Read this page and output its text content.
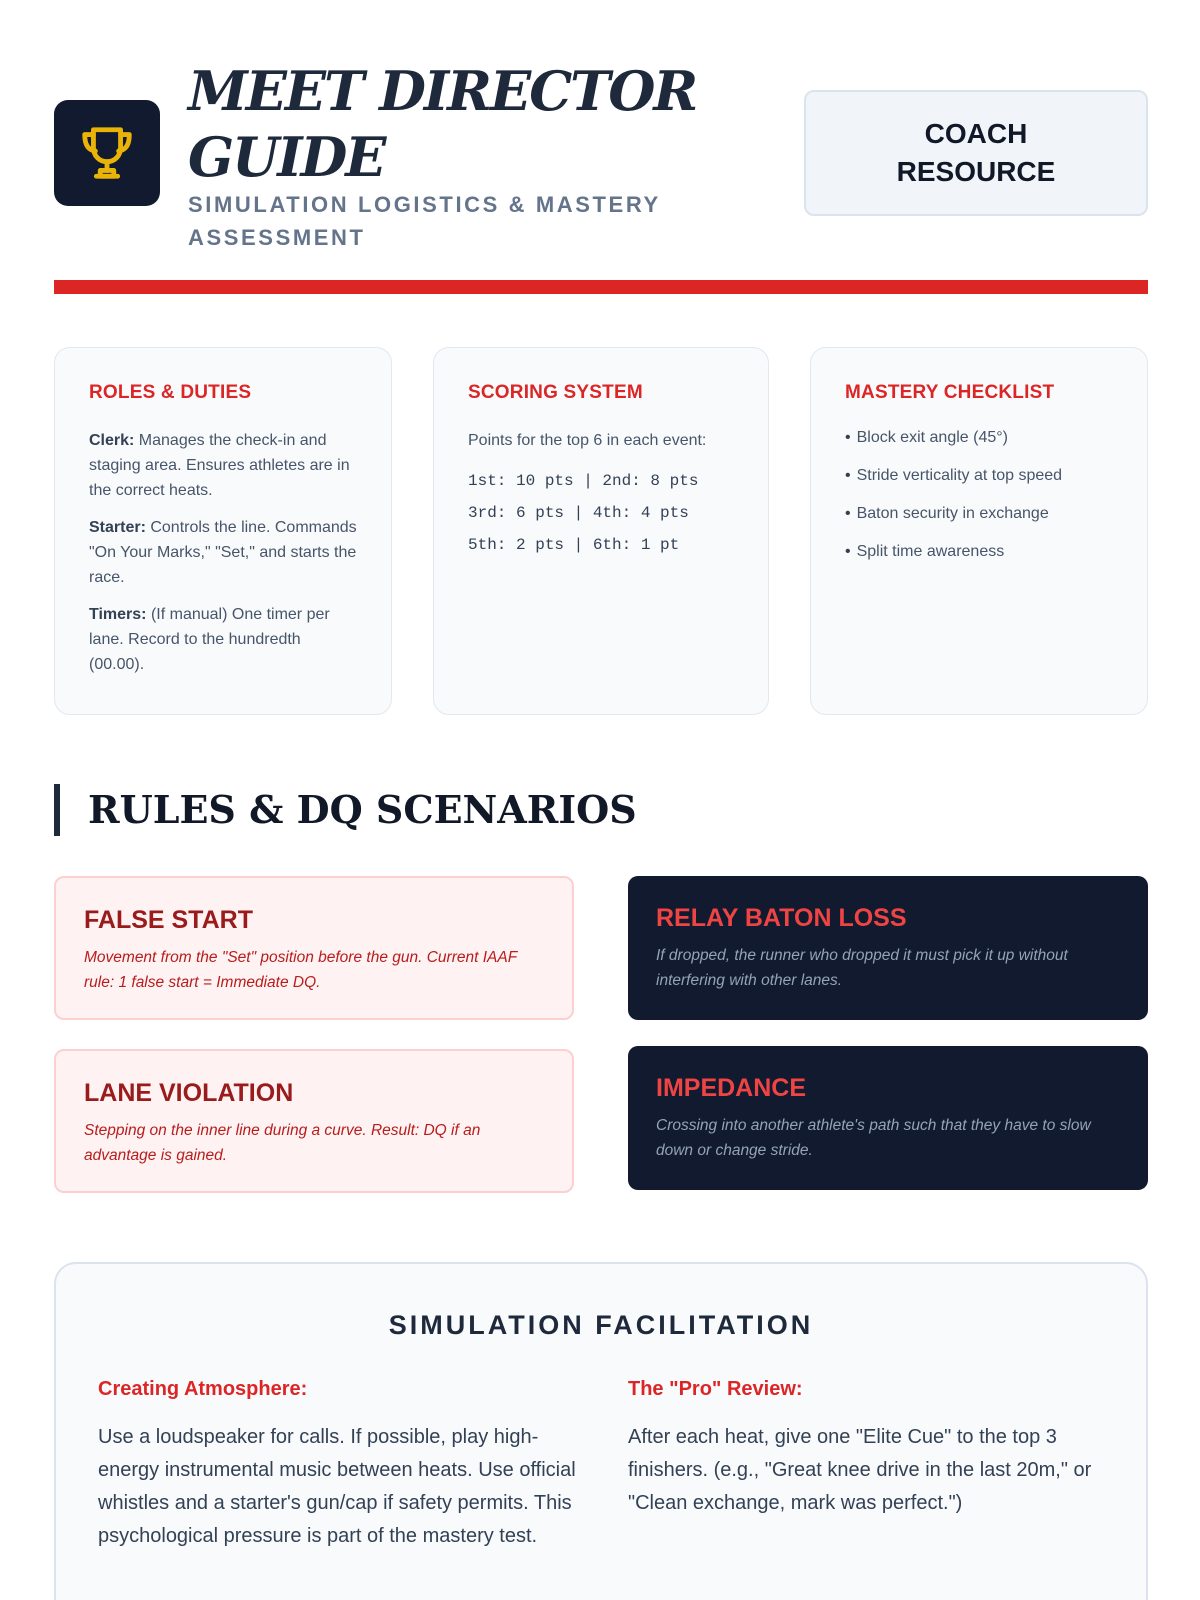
MEET DIRECTOR GUIDE
SIMULATION LOGISTICS & MASTERY ASSESSMENT
COACH RESOURCE
ROLES & DUTIES

Clerk: Manages the check-in and staging area. Ensures athletes are in the correct heats.

Starter: Controls the line. Commands "On Your Marks," "Set," and starts the race.

Timers: (If manual) One timer per lane. Record to the hundredth (00.00).

SCORING SYSTEM

Points for the top 6 in each event:

1st: 10 pts | 2nd: 8 pts
3rd: 6 pts | 4th: 4 pts
5th: 2 pts | 6th: 1 pt
MASTERY CHECKLIST
• Block exit angle (45°)
• Stride verticality at top speed
• Baton security in exchange
• Split time awareness
RULES & DQ SCENARIOS
FALSE START

Movement from the "Set" position before the gun. Current IAAF rule: 1 false start = Immediate DQ.

RELAY BATON LOSS

If dropped, the runner who dropped it must pick it up without interfering with other lanes.

LANE VIOLATION

Stepping on the inner line during a curve. Result: DQ if an advantage is gained.

IMPEDANCE

Crossing into another athlete's path such that they have to slow down or change stride.

SIMULATION FACILITATION
Creating Atmosphere:

Use a loudspeaker for calls. If possible, play high-energy instrumental music between heats. Use official whistles and a starter's gun/cap if safety permits. This psychological pressure is part of the mastery test.

The "Pro" Review:

After each heat, give one "Elite Cue" to the top 3 finishers. (e.g., "Great knee drive in the last 20m," or "Clean exchange, mark was perfect.")
